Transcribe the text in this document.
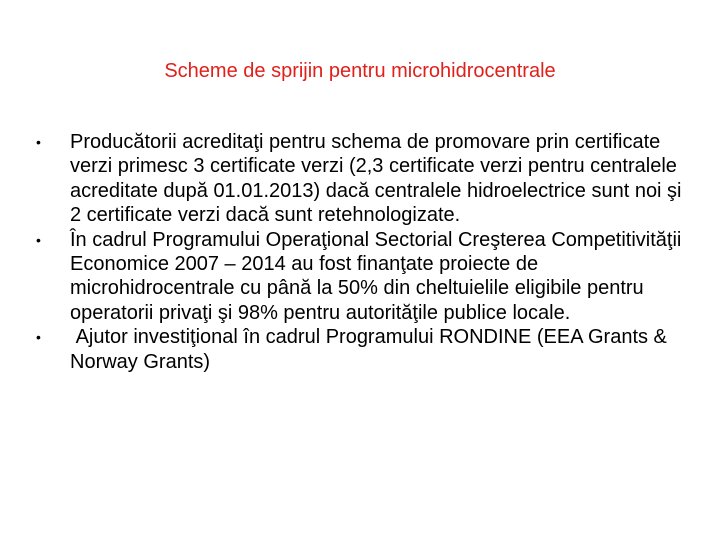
Scheme de sprijin pentru microhidrocentrale
•	Producătorii acreditaţi pentru schema de promovare prin certificate verzi primesc 3 certificate verzi (2,3 certificate verzi pentru centralele acreditate după 01.01.2013) dacă centralele hidroelectrice sunt noi şi 2 certificate verzi dacă sunt retehnologizate.
•	În cadrul Programului Operaţional Sectorial Creşterea Competitivităţii Economice 2007 – 2014 au fost finanţate proiecte de microhidrocentrale cu până la 50% din cheltuielile eligibile pentru operatorii privaţi şi 98% pentru autorităţile publice locale.
•	Ajutor investiţional în cadrul Programului RONDINE (EEA Grants & Norway Grants)
